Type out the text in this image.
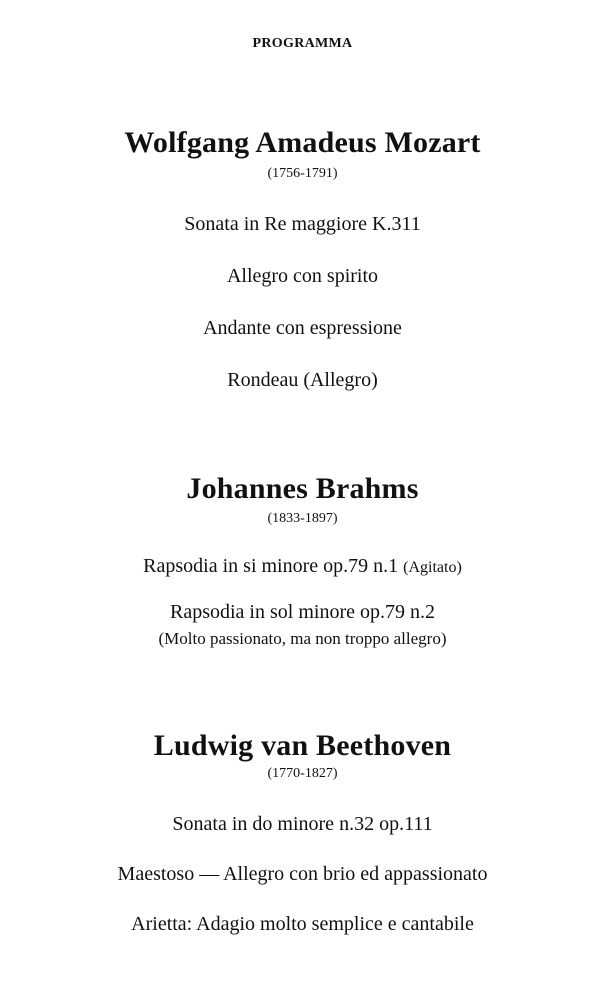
PROGRAMMA
Wolfgang Amadeus Mozart
(1756-1791)
Sonata in Re maggiore K.311
Allegro con spirito
Andante con espressione
Rondeau (Allegro)
Johannes Brahms
(1833-1897)
Rapsodia in si minore op.79 n.1 (Agitato)
Rapsodia in sol minore op.79 n.2
(Molto passionato, ma non troppo allegro)
Ludwig van Beethoven
(1770-1827)
Sonata in do minore n.32 op.111
Maestoso — Allegro con brio ed appassionato
Arietta: Adagio molto semplice e cantabile
